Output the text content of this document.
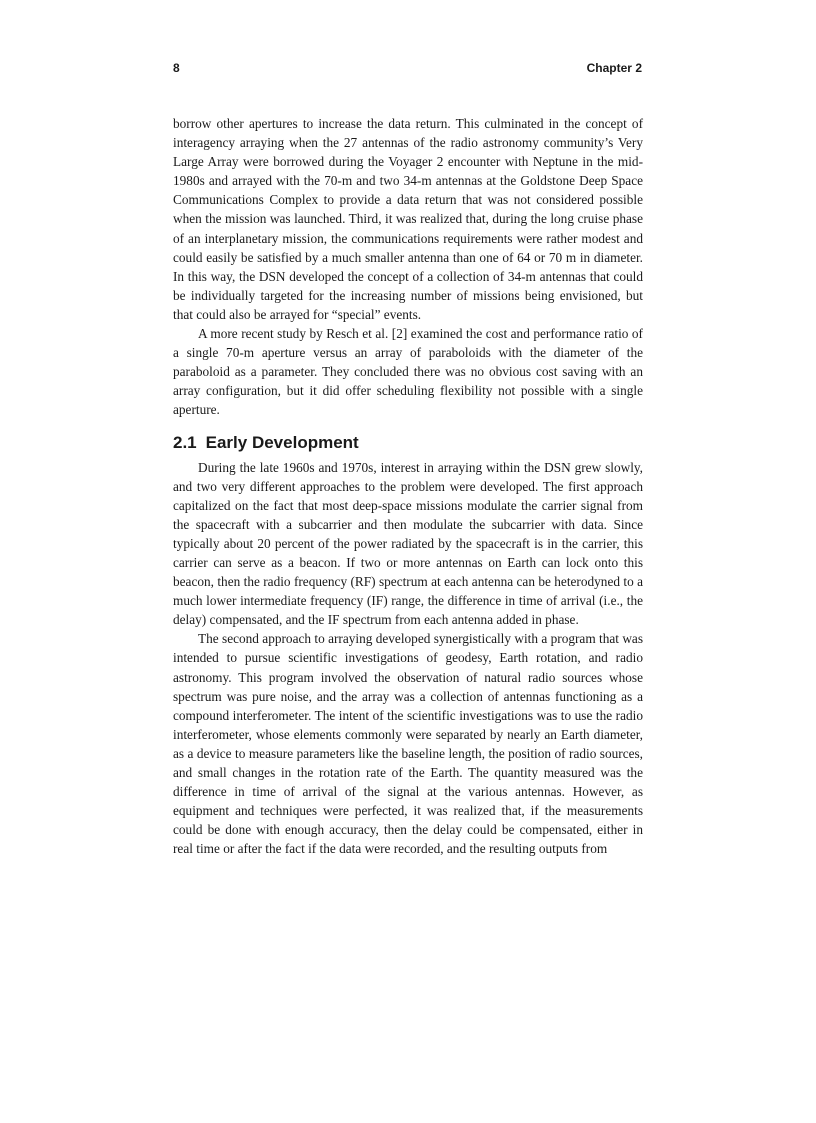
8	Chapter 2

borrow other apertures to increase the data return. This culminated in the concept of interagency arraying when the 27 antennas of the radio astronomy community’s Very Large Array were borrowed during the Voyager 2 encounter with Neptune in the mid-1980s and arrayed with the 70-m and two 34-m antennas at the Goldstone Deep Space Communications Complex to provide a data return that was not considered possible when the mission was launched. Third, it was realized that, during the long cruise phase of an interplanetary mission, the communications requirements were rather modest and could easily be satisfied by a much smaller antenna than one of 64 or 70 m in diameter. In this way, the DSN developed the concept of a collection of 34-m antennas that could be individually targeted for the increasing number of missions being envisioned, but that could also be arrayed for “special” events.

A more recent study by Resch et al. [2] examined the cost and performance ratio of a single 70-m aperture versus an array of paraboloids with the diameter of the paraboloid as a parameter. They concluded there was no obvious cost saving with an array configuration, but it did offer scheduling flexibility not possible with a single aperture.

2.1 Early Development

During the late 1960s and 1970s, interest in arraying within the DSN grew slowly, and two very different approaches to the problem were developed. The first approach capitalized on the fact that most deep-space missions modulate the carrier signal from the spacecraft with a subcarrier and then modulate the subcarrier with data. Since typically about 20 percent of the power radiated by the spacecraft is in the carrier, this carrier can serve as a beacon. If two or more antennas on Earth can lock onto this beacon, then the radio frequency (RF) spectrum at each antenna can be heterodyned to a much lower intermediate frequency (IF) range, the difference in time of arrival (i.e., the delay) compensated, and the IF spectrum from each antenna added in phase.

The second approach to arraying developed synergistically with a program that was intended to pursue scientific investigations of geodesy, Earth rotation, and radio astronomy. This program involved the observation of natural radio sources whose spectrum was pure noise, and the array was a collection of antennas functioning as a compound interferometer. The intent of the scientific investigations was to use the radio interferometer, whose elements commonly were separated by nearly an Earth diameter, as a device to measure parameters like the baseline length, the position of radio sources, and small changes in the rotation rate of the Earth. The quantity measured was the difference in time of arrival of the signal at the various antennas. However, as equipment and techniques were perfected, it was realized that, if the measurements could be done with enough accuracy, then the delay could be compensated, either in real time or after the fact if the data were recorded, and the resulting outputs from
